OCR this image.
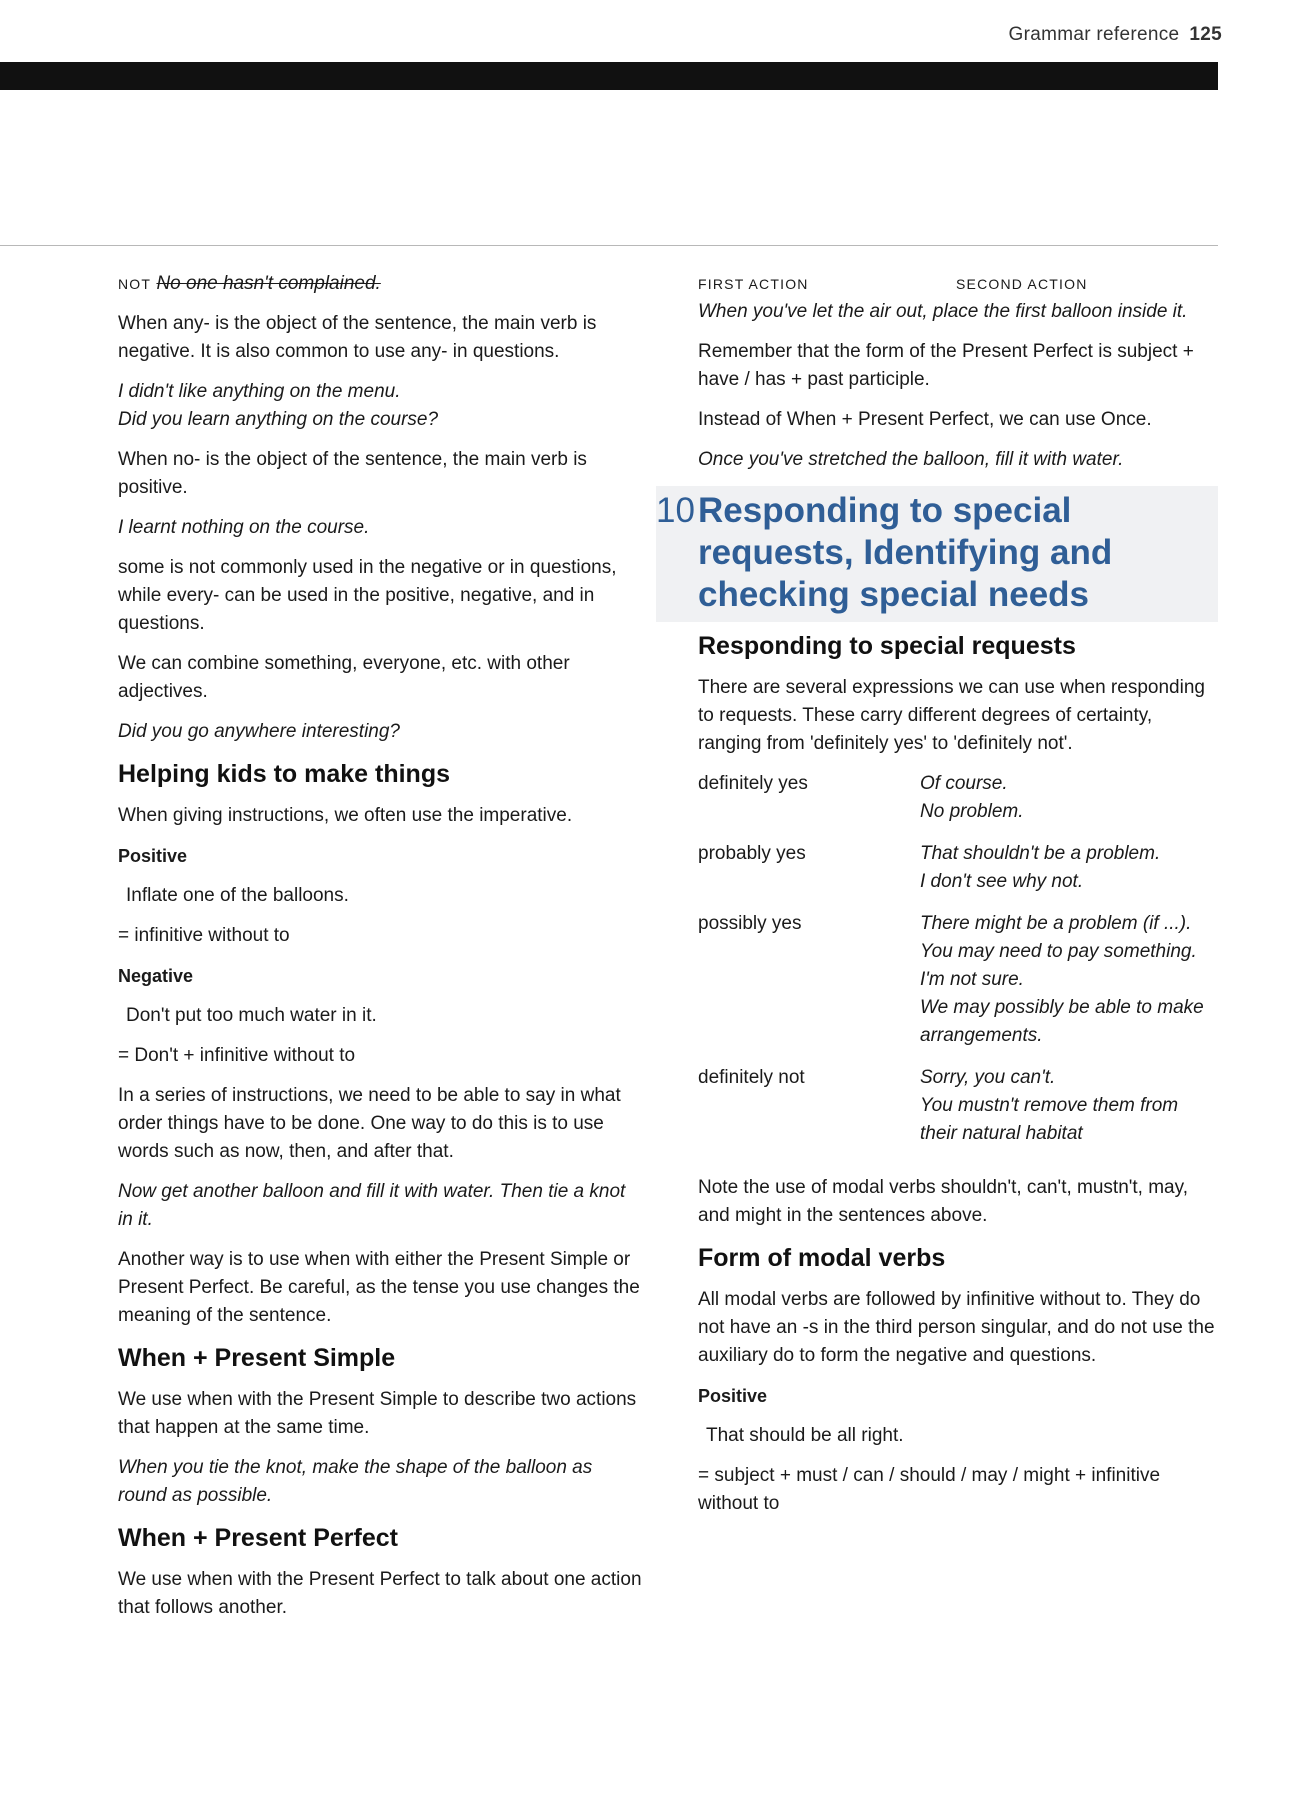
Grammar reference 125

NOT No one hasn't complained.

When any- is the object of the sentence, the main verb is negative. It is also common to use any- in questions.

I didn't like anything on the menu.
Did you learn anything on the course?

When no- is the object of the sentence, the main verb is positive.

I learnt nothing on the course.

some is not commonly used in the negative or in questions, while every- can be used in the positive, negative, and in questions.

We can combine something, everyone, etc. with other adjectives.

Did you go anywhere interesting?

Helping kids to make things

When giving instructions, we often use the imperative.

Positive

Inflate one of the balloons.

= infinitive without to

Negative

Don't put too much water in it.

= Don't + infinitive without to

In a series of instructions, we need to be able to say in what order things have to be done. One way to do this is to use words such as now, then, and after that.

Now get another balloon and fill it with water. Then tie a knot in it.

Another way is to use when with either the Present Simple or Present Perfect. Be careful, as the tense you use changes the meaning of the sentence.

When + Present Simple

We use when with the Present Simple to describe two actions that happen at the same time.

When you tie the knot, make the shape of the balloon as round as possible.

When + Present Perfect

We use when with the Present Perfect to talk about one action that follows another.

FIRST ACTION	SECOND ACTION

When you've let the air out, place the first balloon inside it.

Remember that the form of the Present Perfect is subject + have / has + past participle.

Instead of When + Present Perfect, we can use Once.

Once you've stretched the balloon, fill it with water.

10 Responding to special requests, Identifying and checking special needs
Responding to special requests

There are several expressions we can use when responding to requests. These carry different degrees of certainty, ranging from 'definitely yes' to 'definitely not'.

definitely yes	Of course.
No problem.

probably yes	That shouldn't be a problem.
I don't see why not.

possibly yes	There might be a problem (if ...).
You may need to pay something.
I'm not sure.
We may possibly be able to make arrangements.

definitely not	Sorry, you can't.
You mustn't remove them from their natural habitat

Note the use of modal verbs shouldn't, can't, mustn't, may, and might in the sentences above.

Form of modal verbs

All modal verbs are followed by infinitive without to. They do not have an -s in the third person singular, and do not use the auxiliary do to form the negative and questions.

Positive

That should be all right.

= subject + must / can / should / may / might + infinitive without to
